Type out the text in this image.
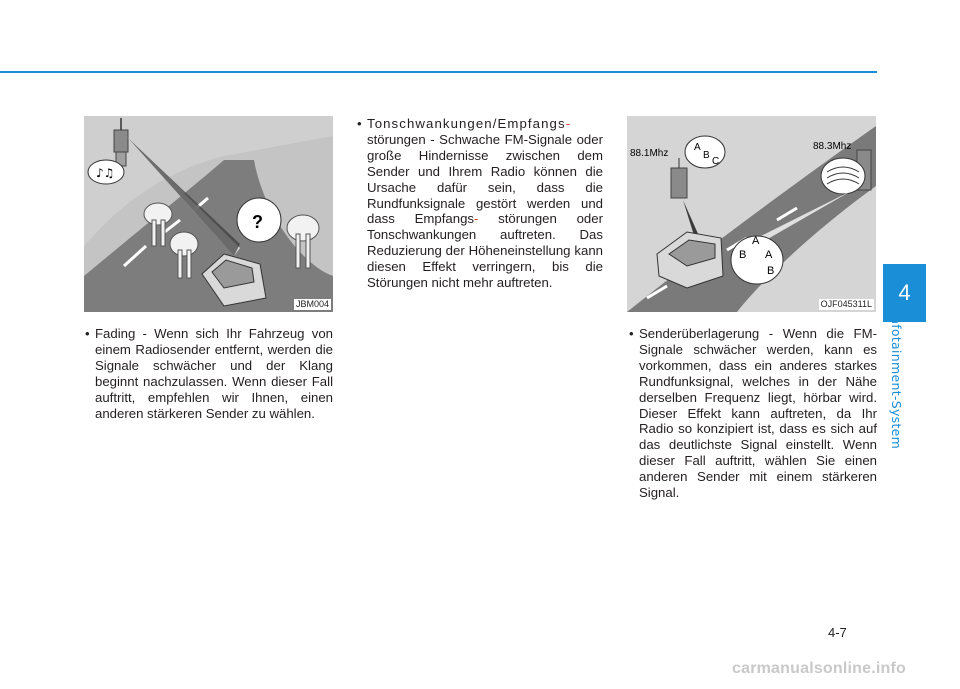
4
Infotainment-System
♪♫
?
JBM004
88.1Mhz
88.3Mhz
A
B
C
A
B A
B
OJF045311L
• Fading - Wenn sich Ihr Fahrzeug von einem Radiosender entfernt, werden die Signale schwächer und der Klang beginnt nachzulassen. Wenn dieser Fall auftritt, empfehlen wir Ihnen, einen anderen stärkeren Sender zu wählen.
• Tonschwankungen/Empfangs- störungen - Schwache FM-Signale oder große Hindernisse zwischen dem Sender und Ihrem Radio können die Ursache dafür sein, dass die Rundfunksignale gestört werden und dass Empfangs- störungen oder Tonschwankungen auftreten. Das Reduzierung der Höheneinstellung kann diesen Effekt verringern, bis die Störungen nicht mehr auftreten.
• Senderüberlagerung - Wenn die FM-Signale schwächer werden, kann es vorkommen, dass ein anderes starkes Rundfunksignal, welches in der Nähe derselben Frequenz liegt, hörbar wird. Dieser Effekt kann auftreten, da Ihr Radio so konzipiert ist, dass es sich auf das deutlichste Signal einstellt. Wenn dieser Fall auftritt, wählen Sie einen anderen Sender mit einem stärkeren Signal.
4-7
carmanualsonline.info
